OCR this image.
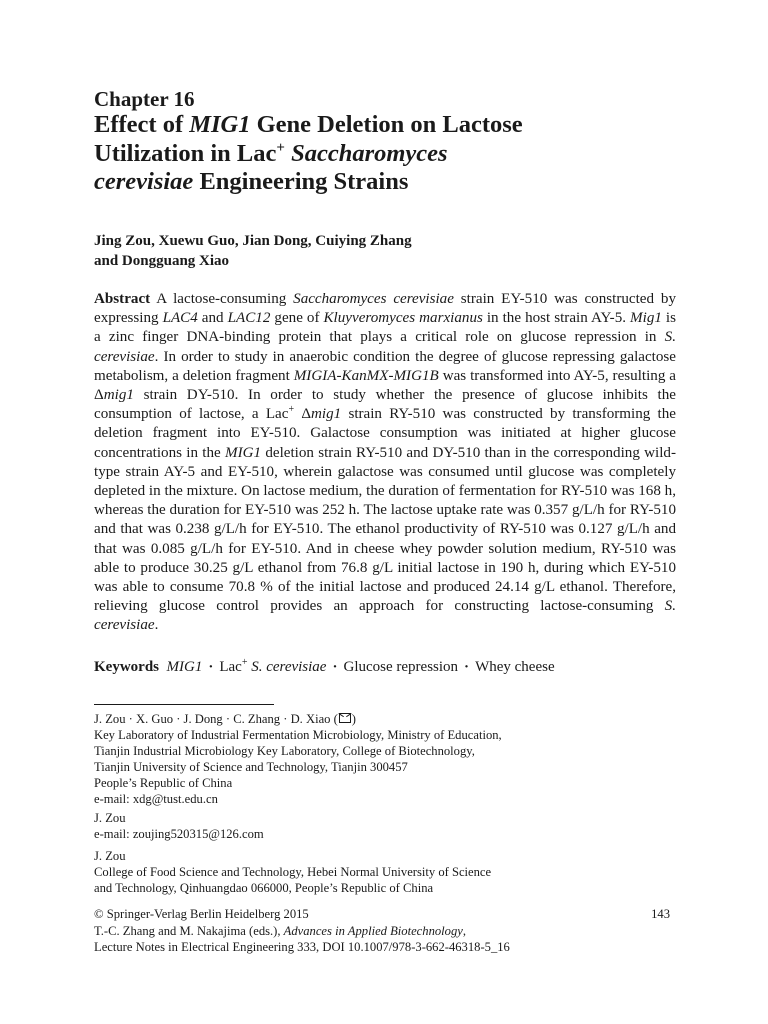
Chapter 16
Effect of MIG1 Gene Deletion on Lactose
Utilization in Lac+ Saccharomyces
cerevisiae Engineering Strains
Jing Zou, Xuewu Guo, Jian Dong, Cuiying Zhang
and Dongguang Xiao
Abstract A lactose-consuming Saccharomyces cerevisiae strain EY-510 was constructed by expressing LAC4 and LAC12 gene of Kluyveromyces marxianus in the host strain AY-5. Mig1 is a zinc finger DNA-binding protein that plays a critical role on glucose repression in S. cerevisiae. In order to study in anaerobic condition the degree of glucose repressing galactose metabolism, a deletion fragment MIGIA-KanMX-MIG1B was transformed into AY-5, resulting a Δmig1 strain DY-510. In order to study whether the presence of glucose inhibits the consumption of lactose, a Lac+ Δmig1 strain RY-510 was constructed by transforming the deletion fragment into EY-510. Galactose consumption was initiated at higher glucose concentrations in the MIG1 deletion strain RY-510 and DY-510 than in the corresponding wild-type strain AY-5 and EY-510, wherein galactose was consumed until glucose was completely depleted in the mixture. On lactose medium, the duration of fermentation for RY-510 was 168 h, whereas the duration for EY-510 was 252 h. The lactose uptake rate was 0.357 g/L/h for RY-510 and that was 0.238 g/L/h for EY-510. The ethanol productivity of RY-510 was 0.127 g/L/h and that was 0.085 g/L/h for EY-510. And in cheese whey powder solution medium, RY-510 was able to produce 30.25 g/L ethanol from 76.8 g/L initial lactose in 190 h, during which EY-510 was able to consume 70.8 % of the initial lactose and produced 24.14 g/L ethanol. Therefore, relieving glucose control provides an approach for constructing lactose-consuming S. cerevisiae.
Keywords MIG1 · Lac+ S. cerevisiae · Glucose repression · Whey cheese
J. Zou · X. Guo · J. Dong · C. Zhang · D. Xiao ( )
Key Laboratory of Industrial Fermentation Microbiology, Ministry of Education,
Tianjin Industrial Microbiology Key Laboratory, College of Biotechnology,
Tianjin University of Science and Technology, Tianjin 300457
People’s Republic of China
e-mail: xdg@tust.edu.cn
J. Zou
e-mail: zoujing520315@126.com
J. Zou
College of Food Science and Technology, Hebei Normal University of Science
and Technology, Qinhuangdao 066000, People’s Republic of China
© Springer-Verlag Berlin Heidelberg 2015
T.-C. Zhang and M. Nakajima (eds.), Advances in Applied Biotechnology,
Lecture Notes in Electrical Engineering 333, DOI 10.1007/978-3-662-46318-5_16
143
